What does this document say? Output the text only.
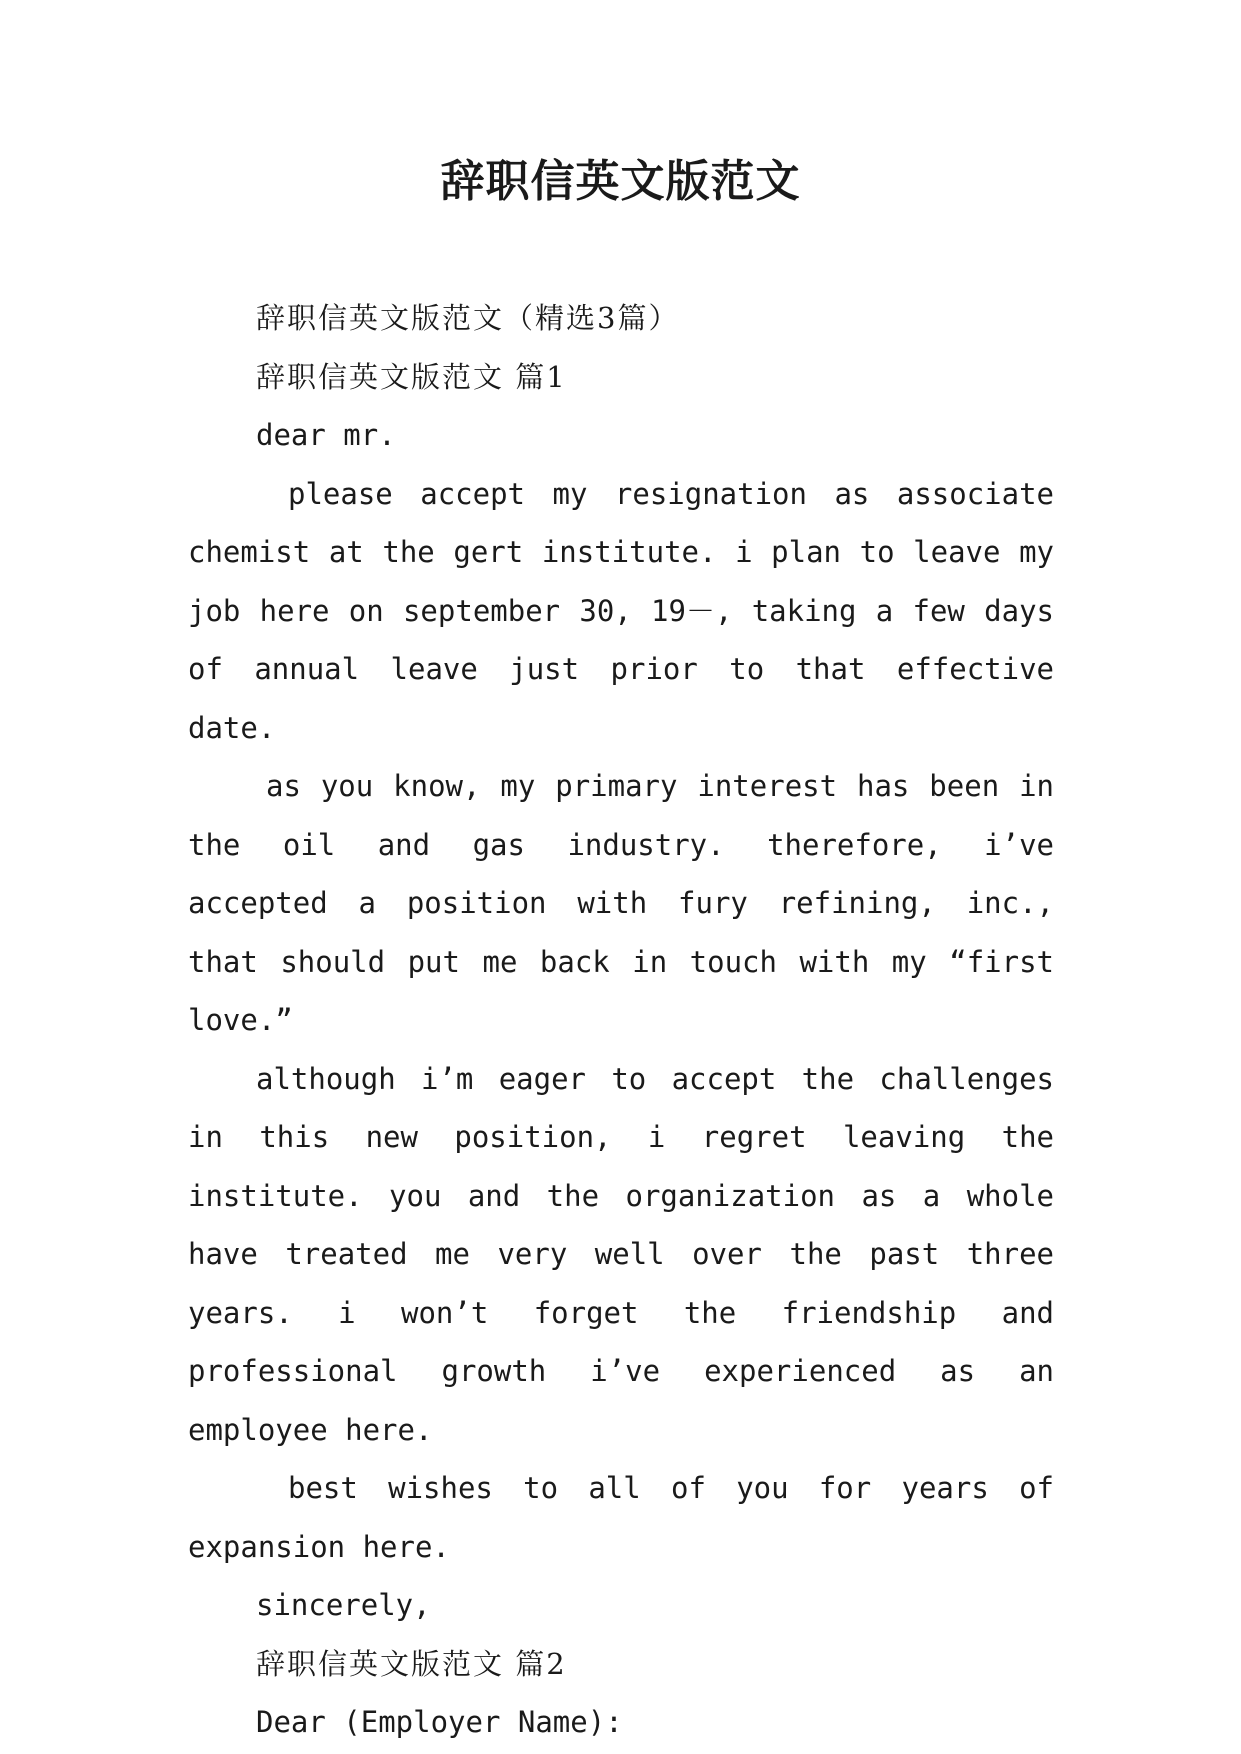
辞职信英文版范文

辞职信英文版范文（精选3篇）

辞职信英文版范文 篇1

dear mr.

please accept my resignation as associate chemist at the gert institute. i plan to leave my job here on september 30, 19－, taking a few days of annual leave just prior to that effective date.

as you know, my primary interest has been in the oil and gas industry. therefore, i’ve accepted a position with fury refining, inc., that should put me back in touch with my “first love.”

although i’m eager to accept the challenges in this new position, i regret leaving the institute. you and the organization as a whole have treated me very well over the past three years. i won’t forget the friendship and professional growth i’ve experienced as an employee here.

best wishes to all of you for years of expansion here.

sincerely,

辞职信英文版范文 篇2

Dear (Employer Name):
